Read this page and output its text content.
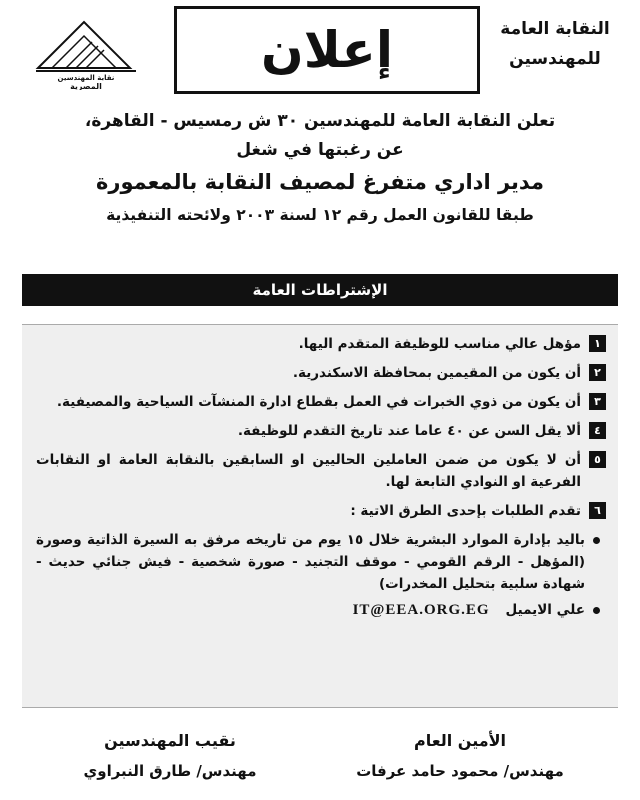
النقابة العامة
للمهندسين
إعلان
نقابة المهندسين
المصرية
تعلن النقابة العامة للمهندسين ٣٠ ش رمسيس - القاهرة،
عن رغبتها في شغل
مدير اداري متفرغ لمصيف النقابة بالمعمورة
طبقا للقانون العمل رقم ١٢ لسنة ٢٠٠٣ ولائحته التنفيذية
الإشتراطات العامة
١
مؤهل عالي مناسب للوظيفة المتقدم اليها.
٢
أن يكون من المقيمين بمحافظة الاسكندرية.
٣
أن يكون من ذوي الخبرات في العمل بقطاع ادارة المنشآت السياحية والمصيفية.
٤
ألا يقل السن عن ٤٠ عاما عند تاريخ التقدم للوظيفة.
٥
أن لا يكون من ضمن العاملين الحاليين او السابقين بالنقابة العامة او النقابات الفرعية او النوادي التابعة لها.
٦
تقدم الطلبات بإحدى الطرق الاتية :
باليد بإدارة الموارد البشرية خلال ١٥ يوم من تاريخه مرفق به السيرة الذاتية وصورة (المؤهل - الرقم القومي - موقف التجنيد - صورة شخصية - فيش جنائي حديث - شهادة سلبية بتحليل المخدرات)
علي الايميل
IT@EEA.ORG.EG
الأمين العام
مهندس/ محمود حامد عرفات
نقيب المهندسين
مهندس/ طارق النبراوي
